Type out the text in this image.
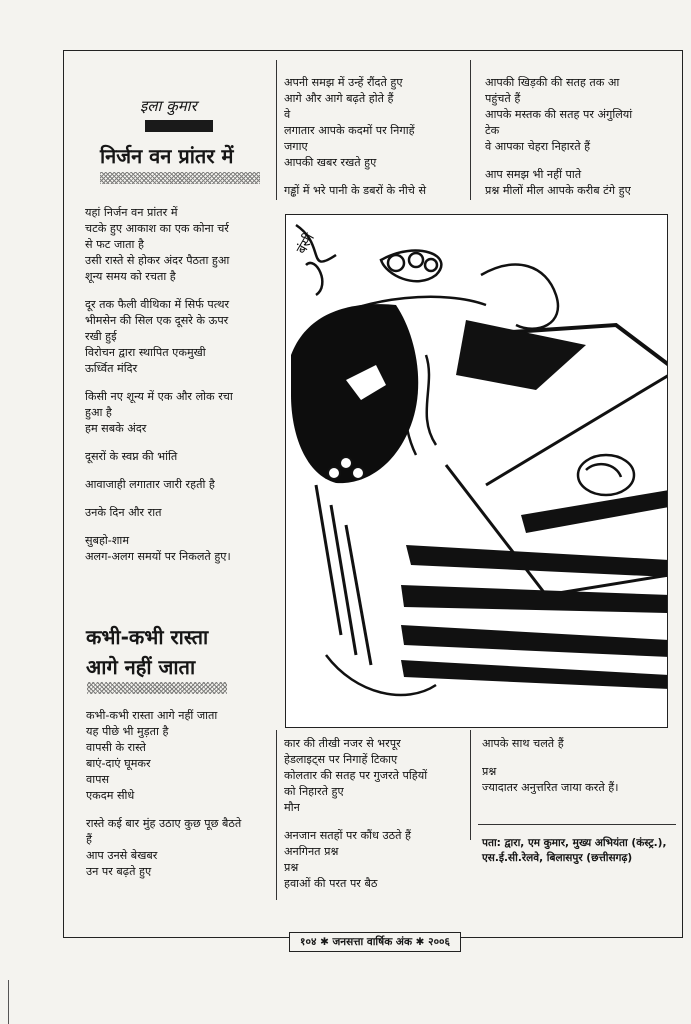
इला कुमार
निर्जन वन प्रांतर में

यहां निर्जन वन प्रांतर में
चटके हुए आकाश का एक कोना चर्र
से फट जाता है
उसी रास्ते से होकर अंदर पैठता हुआ
शून्य समय को रचता है

दूर तक फैली वीथिका में सिर्फ पत्थर
भीमसेन की सिल एक दूसरे के ऊपर
रखी हुई
विरोचन द्वारा स्थापित एकमुखी
ऊर्ध्वित मंदिर

किसी नए शून्य में एक और लोक रचा
हुआ है
हम सबके अंदर

दूसरों के स्वप्न की भांति

आवाजाही लगातार जारी रहती है

उनके दिन और रात

सुबहो-शाम
अलग-अलग समयों पर निकलते हुए।

कभी-कभी रास्ता
आगे नहीं जाता

कभी-कभी रास्ता आगे नहीं जाता
यह पीछे भी मुड़ता है
वापसी के रास्ते
बाएं-दाएं घूमकर
वापस
एकदम सीधे

रास्ते कई बार मुंह उठाए कुछ पूछ बैठते
हैं
आप उनसे बेखबर
उन पर बढ़ते हुए

अपनी समझ में उन्हें रौंदते हुए
आगे और आगे बढ़ते होते हैं
वे
लगातार आपके कदमों पर निगाहें
जगाए
आपकी खबर रखते हुए

गड्ढों में भरे पानी के डबरों के नीचे से

आपकी खिड़की की सतह तक आ
पहुंचते हैं
आपके मस्तक की सतह पर अंगुलियां
टेक
वे आपका चेहरा निहारते हैं

आप समझ भी नहीं पाते
प्रश्न मीलों मील आपके करीब टंगे हुए

बंसी

कार की तीखी नजर से भरपूर
हेडलाइट्स पर निगाहें टिकाए
कोलतार की सतह पर गुजरते पहियों
को निहारते हुए
मौन

अनजान सतहों पर कौंध उठते हैं
अनगिनत प्रश्न
प्रश्न
हवाओं की परत पर बैठ

आपके साथ चलते हैं

प्रश्न
ज्यादातर अनुत्तरित जाया करते हैं।

पता: द्वारा, एम कुमार, मुख्य अभियंता (कंस्ट्र.), एस.ई.सी.रेलवे, बिलासपुर (छत्तीसगढ़)
१०४ ✱ जनसत्ता वार्षिक अंक ✱ २००६
